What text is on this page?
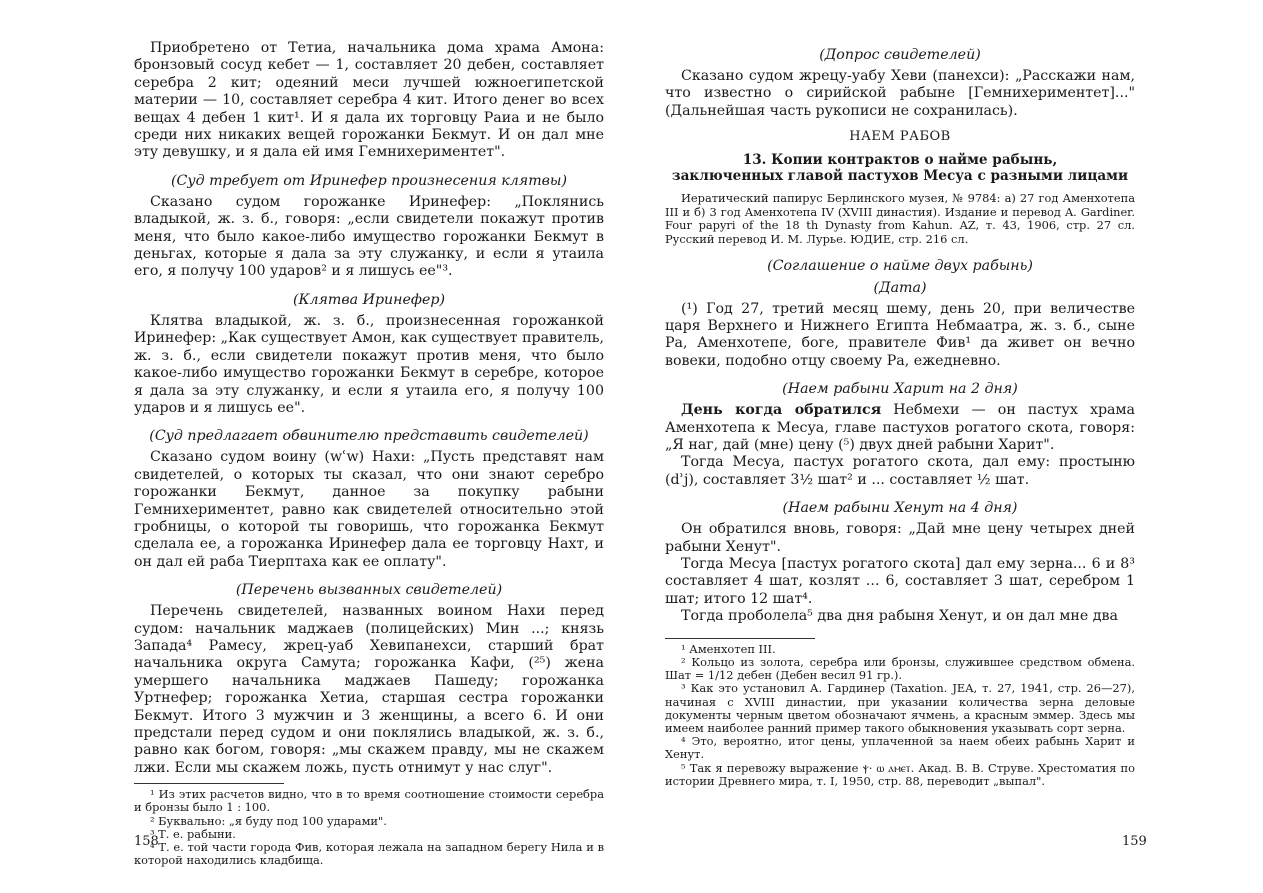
Приобретено от Тетиа, начальника дома храма Амона: бронзовый сосуд кебет — 1, составляет 20 дебен, составляет серебра 2 кит; одеяний меси лучшей южноегипетской материи — 10, составляет серебра 4 кит. Итого денег во всех вещах 4 дебен 1 кит¹. И я дала их торговцу Раиа и не было среди них никаких вещей горожанки Бекмут. И он дал мне эту девушку, и я дала ей имя Гемнихериментет".

(Суд требует от Иринефер произнесения клятвы)

Сказано судом горожанке Иринефер: „Поклянись владыкой, ж. з. б., говоря: „если свидетели покажут против меня, что было какое-либо имущество горожанки Бекмут в деньгах, которые я дала за эту служанку, и если я утаила его, я получу 100 ударов² и я лишусь ее"³.

(Клятва Иринефер)

Клятва владыкой, ж. з. б., произнесенная горожанкой Иринефер: „Как существует Амон, как существует правитель, ж. з. б., если свидетели покажут против меня, что было какое-либо имущество горожанки Бекмут в серебре, которое я дала за эту служанку, и если я утаила его, я получу 100 ударов и я лишусь ее".

(Суд предлагает обвинителю представить свидетелей)

Сказано судом воину (wʿw) Нахи: „Пусть представят нам свидетелей, о которых ты сказал, что они знают серебро горожанки Бекмут, данное за покупку рабыни Гемнихериментет, равно как свидетелей относительно этой гробницы, о которой ты говоришь, что горожанка Бекмут сделала ее, а горожанка Иринефер дала ее торговцу Нахт, и он дал ей раба Тиерптаха как ее оплату".

(Перечень вызванных свидетелей)

Перечень свидетелей, названных воином Нахи перед судом: начальник маджаев (полицейских) Мин ...; князь Запада⁴ Рамесу, жрец-уаб Хевипанехси, старший брат начальника округа Самута; горожанка Кафи, (²⁵) жена умершего начальника маджаев Пашеду; горожанка Уртнефер; горожанка Хетиа, старшая сестра горожанки Бекмут. Итого 3 мужчин и 3 женщины, а всего 6. И они предстали перед судом и они поклялись владыкой, ж. з. б., равно как богом, говоря: „мы скажем правду, мы не скажем лжи. Если мы скажем ложь, пусть отнимут у нас слуг".

¹ Из этих расчетов видно, что в то время соотношение стоимости серебра и бронзы было 1 : 100.

² Буквально: „я буду под 100 ударами".

³ Т. е. рабыни.

⁴ Т. е. той части города Фив, которая лежала на западном берегу Нила и в которой находились кладбища.

158
(Допрос свидетелей)

Сказано судом жрецу-уабу Хеви (панехси): „Расскажи нам, что известно о сирийской рабыне [Гемнихериментет]..." (Дальнейшая часть рукописи не сохранилась).

НАЕМ РАБОВ
13. Копии контрактов о найме рабынь,
заключенных главой пастухов Месуа с разными лицами

Иератический папирус Берлинского музея, № 9784: а) 27 год Аменхотепа III и б) 3 год Аменхотепа IV (XVIII династия). Издание и перевод A. Gardiner. Four papyri of the 18 th Dynasty from Kahun. AZ, т. 43, 1906, стр. 27 сл. Русский перевод И. М. Лурье. ЮДИЕ, стр. 216 сл.

(Соглашение о найме двух рабынь)
(Дата)

(¹) Год 27, третий месяц шему, день 20, при величестве царя Верхнего и Нижнего Египта Небмаатра, ж. з. б., сыне Ра, Аменхотепе, боге, правителе Фив¹ да живет он вечно вовеки, подобно отцу своему Ра, ежедневно.

(Наем рабыни Харит на 2 дня)

День когда обратился Небмехи — он пастух храма Аменхотепа к Месуа, главе пастухов рогатого скота, говоря: „Я наг, дай (мне) цену (⁵) двух дней рабыни Харит".

Тогда Месуа, пастух рогатого скота, дал ему: простыню (dʾj), составляет 3½ шат² и ... составляет ½ шат.

(Наем рабыни Хенут на 4 дня)

Он обратился вновь, говоря: „Дай мне цену четырех дней рабыни Хенут".

Тогда Месуа [пастух рогатого скота] дал ему зерна... 6 и 8³ составляет 4 шат, козлят ... 6, составляет 3 шат, серебром 1 шат; итого 12 шат⁴.

Тогда проболела⁵ два дня рабыня Хенут, и он дал мне два

¹ Аменхотеп III.

² Кольцо из золота, серебра или бронзы, служившее средством обмена. Шат = 1/12 дебен (Дебен весил 91 гр.).

³ Как это установил А. Гардинер (Taxation. JEA, т. 27, 1941, стр. 26—27), начиная с XVIII династии, при указании количества зерна деловые документы черным цветом обозначают ячмень, а красным эммер. Здесь мы имеем наиболее ранний пример такого обыкновения указывать сорт зерна.

⁴ Это, вероятно, итог цены, уплаченной за наем обеих рабынь Харит и Хенут.

⁵ Так я перевожу выражение ⲯ· ⲱ ⲁⲙⲉⲧ. Акад. В. В. Струве. Хрестоматия по истории Древнего мира, т. I, 1950, стр. 88, переводит „выпал".

159
